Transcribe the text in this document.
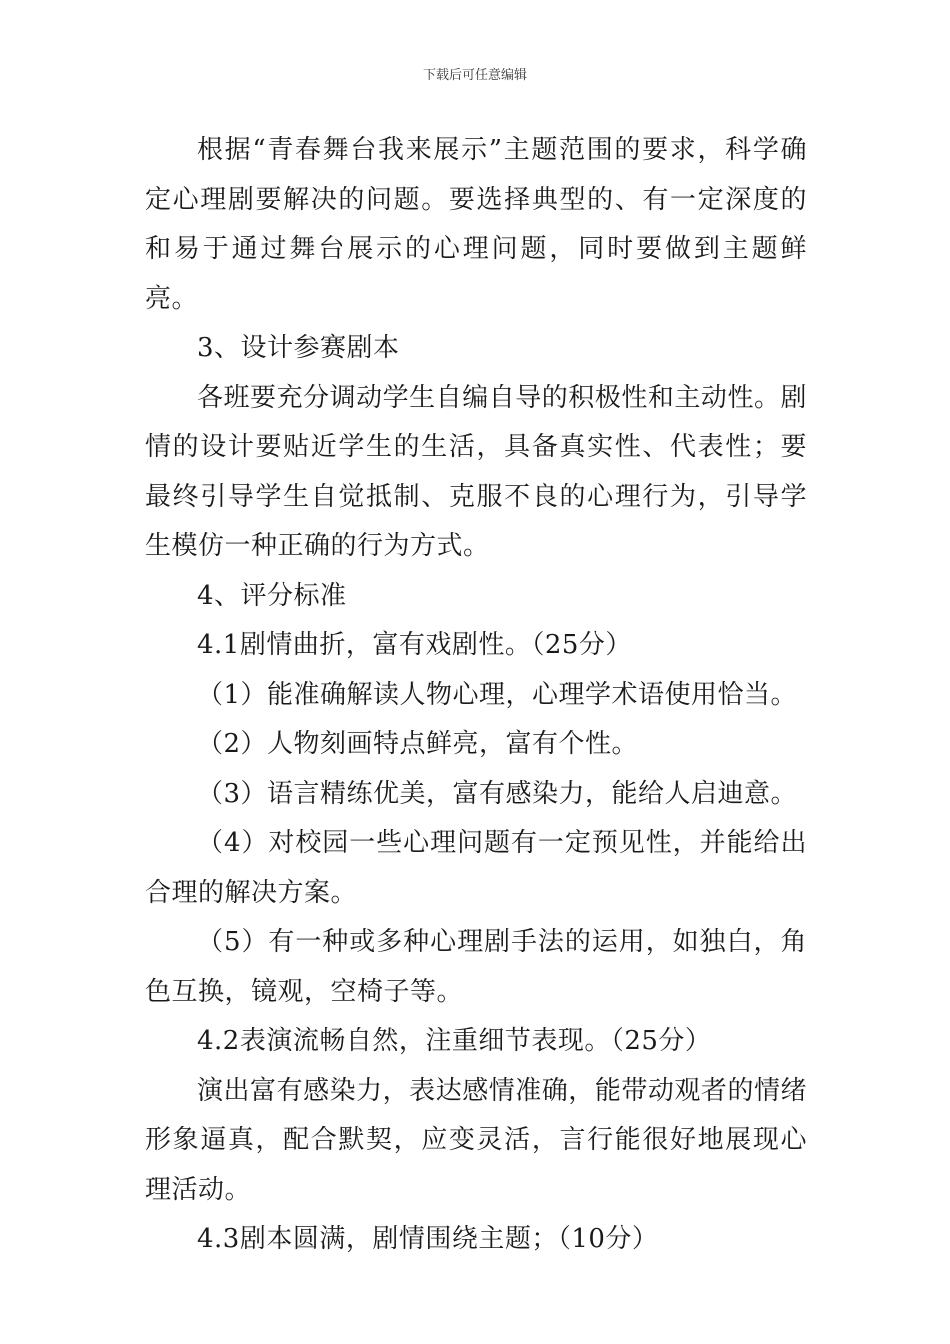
下载后可任意编辑

根据“青春舞台我来展示”主题范围的要求，科学确定心理剧要解决的问题。要选择典型的、有一定深度的和易于通过舞台展示的心理问题，同时要做到主题鲜亮。

3、设计参赛剧本

各班要充分调动学生自编自导的积极性和主动性。剧情的设计要贴近学生的生活，具备真实性、代表性；要最终引导学生自觉抵制、克服不良的心理行为，引导学生模仿一种正确的行为方式。

4、评分标准

4.1剧情曲折，富有戏剧性。（25分）

（1）能准确解读人物心理，心理学术语使用恰当。

（2）人物刻画特点鲜亮，富有个性。

（3）语言精练优美，富有感染力，能给人启迪意。

（4）对校园一些心理问题有一定预见性，并能给出合理的解决方案。

（5）有一种或多种心理剧手法的运用，如独白，角色互换，镜观，空椅子等。

4.2表演流畅自然，注重细节表现。（25分）

演出富有感染力，表达感情准确，能带动观者的情绪形象逼真，配合默契，应变灵活，言行能很好地展现心理活动。

4.3剧本圆满，剧情围绕主题；（10分）
